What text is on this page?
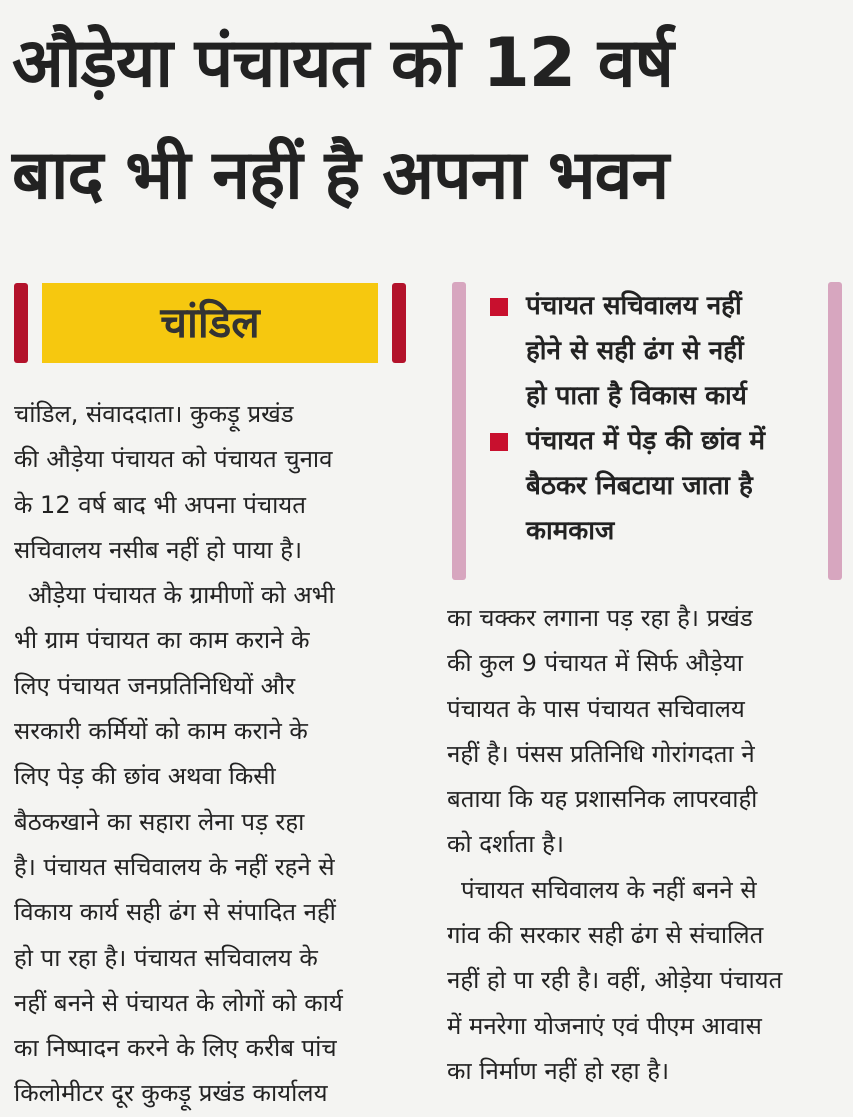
औड़ेया पंचायत को 12 वर्ष
बाद भी नहीं है अपना भवन
चांडिल	पंचायत सचिवालय नहीं
होने से सही ढंग से नहीं
हो पाता है विकास कार्य
पंचायत में पेड़ की छांव में
बैठकर निबटाया जाता है
कामकाज
चांडिल, संवाददाता। कुकड़ू प्रखंड
की औड़ेया पंचायत को पंचायत चुनाव
के 12 वर्ष बाद भी अपना पंचायत
सचिवालय नसीब नहीं हो पाया है।
औड़ेया पंचायत के ग्रामीणों को अभी
भी ग्राम पंचायत का काम कराने के
लिए पंचायत जनप्रतिनिधियों और
सरकारी कर्मियों को काम कराने के
लिए पेड़ की छांव अथवा किसी
बैठकखाने का सहारा लेना पड़ रहा
है। पंचायत सचिवालय के नहीं रहने से
विकाय कार्य सही ढंग से संपादित नहीं
हो पा रहा है। पंचायत सचिवालय के
नहीं बनने से पंचायत के लोगों को कार्य
का निष्पादन करने के लिए करीब पांच
किलोमीटर दूर कुकड़ू प्रखंड कार्यालय
का चक्कर लगाना पड़ रहा है। प्रखंड
की कुल 9 पंचायत में सिर्फ औड़ेया
पंचायत के पास पंचायत सचिवालय
नहीं है। पंसस प्रतिनिधि गोरांगदता ने
बताया कि यह प्रशासनिक लापरवाही
को दर्शाता है।
पंचायत सचिवालय के नहीं बनने से
गांव की सरकार सही ढंग से संचालित
नहीं हो पा रही है। वहीं, ओड़ेया पंचायत
में मनरेगा योजनाएं एवं पीएम आवास
का निर्माण नहीं हो रहा है।
